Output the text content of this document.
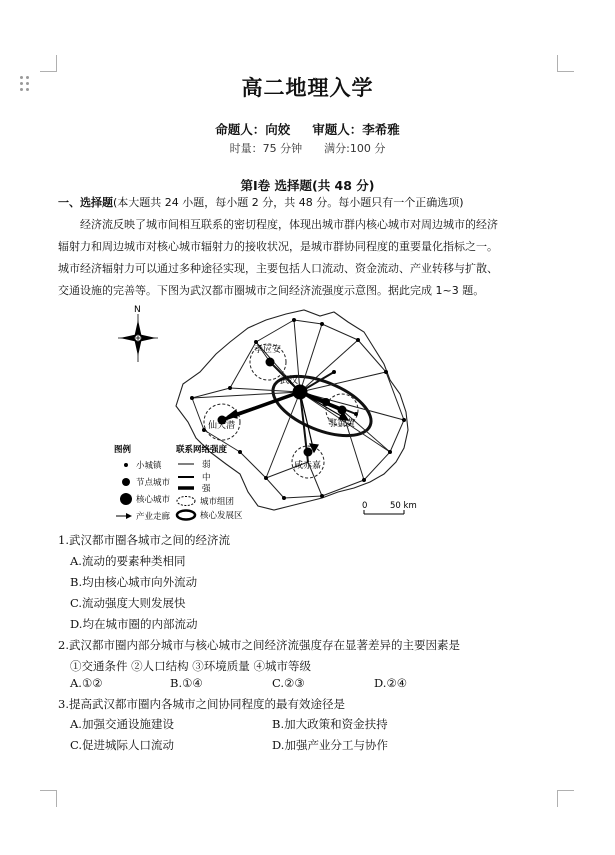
高二地理入学
命题人：向姣 审题人：李希雅
时量：75 分钟 满分:100 分
第Ⅰ卷 选择题(共 48 分)
一、选择题(本大题共 24 小题，每小题 2 分，共 48 分。每小题只有一个正确选项)
经济流反映了城市间相互联系的密切程度，体现出城市群内核心城市对周边城市的经济
辐射力和周边城市对核心城市辐射力的接收状况，是城市群协同程度的重要量化指标之一。
城市经济辐射力可以通过多种途径实现，主要包括人口流动、资金流动、产业转移与扩散、
交通设施的完善等。下图为武汉都市圈城市之间经济流强度示意图。据此完成 1~3 题。
武汉
孝应安
仙天潜	鄂黄黄
咸赤嘉
N
图例
小城镇
节点城市
核心城市
产业走廊
联系网络强度
弱
中
强
城市组团
核心发展区
0	50 km
1.武汉都市圈各城市之间的经济流
A.流动的要素种类相同
B.均由核心城市向外流动
C.流动强度大则发展快
D.均在城市圈的内部流动
2.武汉都市圈内部分城市与核心城市之间经济流强度存在显著差异的主要因素是
①交通条件 ②人口结构 ③环境质量 ④城市等级
A.①②	B.①④	C.②③	D.②④
3.提高武汉都市圈内各城市之间协同程度的最有效途径是
A.加强交通设施建设	B.加大政策和资金扶持
C.促进城际人口流动	D.加强产业分工与协作
